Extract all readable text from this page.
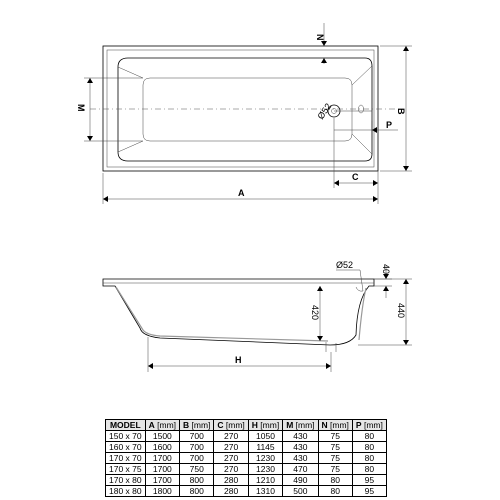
Ø52
N
M	B
P
C
A
Ø52	40
420	440
H
MODEL	A [mm]	B [mm]	C [mm]	H [mm]	M [mm]	N [mm]	P [mm]
150 x 70	1500	700	270	1050	430	75	80
160 x 70	1600	700	270	1145	430	75	80
170 x 70	1700	700	270	1230	430	75	80
170 x 75	1700	750	270	1230	470	75	80
170 x 80	1700	800	280	1210	490	80	95
180 x 80	1800	800	280	1310	500	80	95
